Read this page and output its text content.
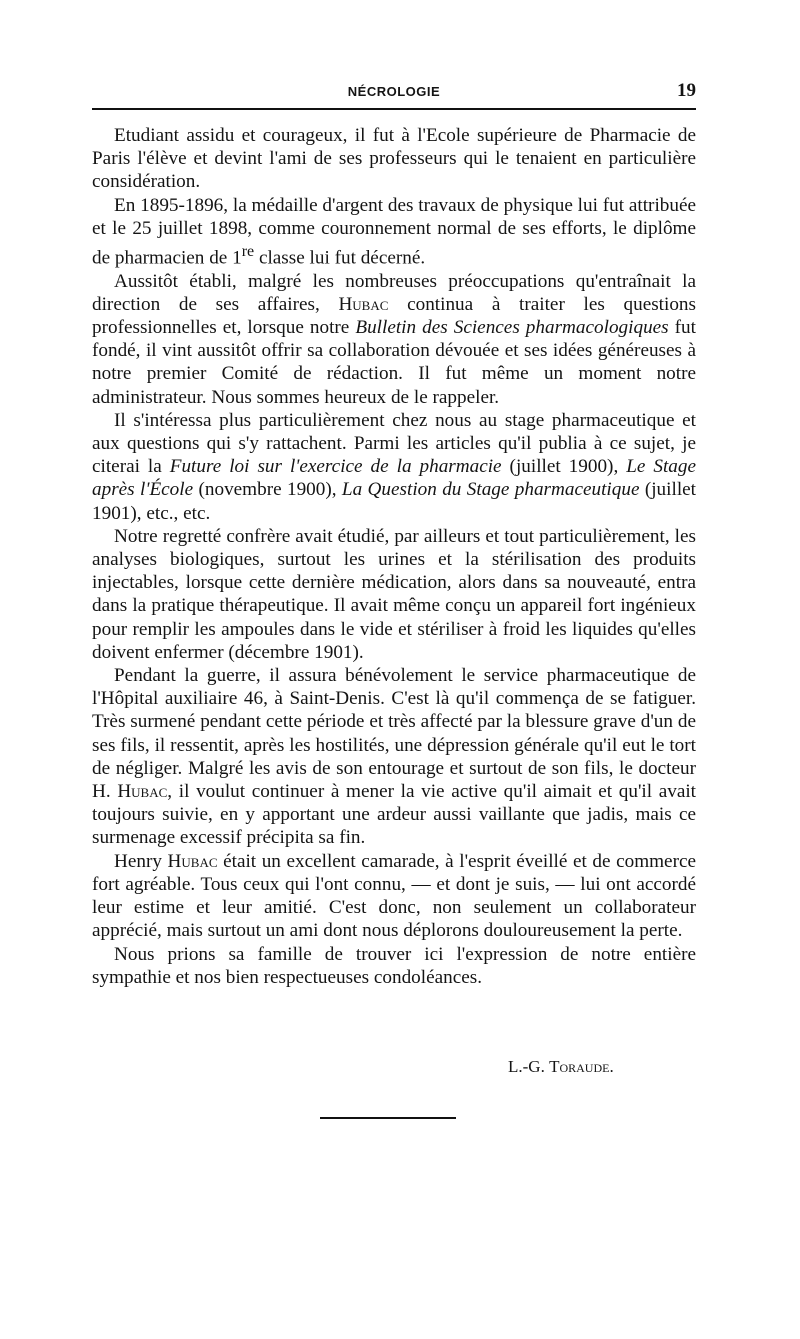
NÉCROLOGIE	19

Etudiant assidu et courageux, il fut à l'Ecole supérieure de Pharmacie de Paris l'élève et devint l'ami de ses professeurs qui le tenaient en particulière considération.

En 1895-1896, la médaille d'argent des travaux de physique lui fut attribuée et le 25 juillet 1898, comme couronnement normal de ses efforts, le diplôme de pharmacien de 1re classe lui fut décerné.

Aussitôt établi, malgré les nombreuses préoccupations qu'entraînait la direction de ses affaires, Hubac continua à traiter les questions professionnelles et, lorsque notre Bulletin des Sciences pharmacologiques fut fondé, il vint aussitôt offrir sa collaboration dévouée et ses idées généreuses à notre premier Comité de rédaction. Il fut même un moment notre administrateur. Nous sommes heureux de le rappeler.

Il s'intéressa plus particulièrement chez nous au stage pharmaceutique et aux questions qui s'y rattachent. Parmi les articles qu'il publia à ce sujet, je citerai la Future loi sur l'exercice de la pharmacie (juillet 1900), Le Stage après l'École (novembre 1900), La Question du Stage pharmaceutique (juillet 1901), etc., etc.

Notre regretté confrère avait étudié, par ailleurs et tout particulièrement, les analyses biologiques, surtout les urines et la stérilisation des produits injectables, lorsque cette dernière médication, alors dans sa nouveauté, entra dans la pratique thérapeutique. Il avait même conçu un appareil fort ingénieux pour remplir les ampoules dans le vide et stériliser à froid les liquides qu'elles doivent enfermer (décembre 1901).

Pendant la guerre, il assura bénévolement le service pharmaceutique de l'Hôpital auxiliaire 46, à Saint-Denis. C'est là qu'il commença de se fatiguer. Très surmené pendant cette période et très affecté par la blessure grave d'un de ses fils, il ressentit, après les hostilités, une dépression générale qu'il eut le tort de négliger. Malgré les avis de son entourage et surtout de son fils, le docteur H. Hubac, il voulut continuer à mener la vie active qu'il aimait et qu'il avait toujours suivie, en y apportant une ardeur aussi vaillante que jadis, mais ce surmenage excessif précipita sa fin.

Henry Hubac était un excellent camarade, à l'esprit éveillé et de commerce fort agréable. Tous ceux qui l'ont connu, — et dont je suis, — lui ont accordé leur estime et leur amitié. C'est donc, non seulement un collaborateur apprécié, mais surtout un ami dont nous déplorons douloureusement la perte.

Nous prions sa famille de trouver ici l'expression de notre entière sympathie et nos bien respectueuses condoléances.

L.-G. Toraude.
